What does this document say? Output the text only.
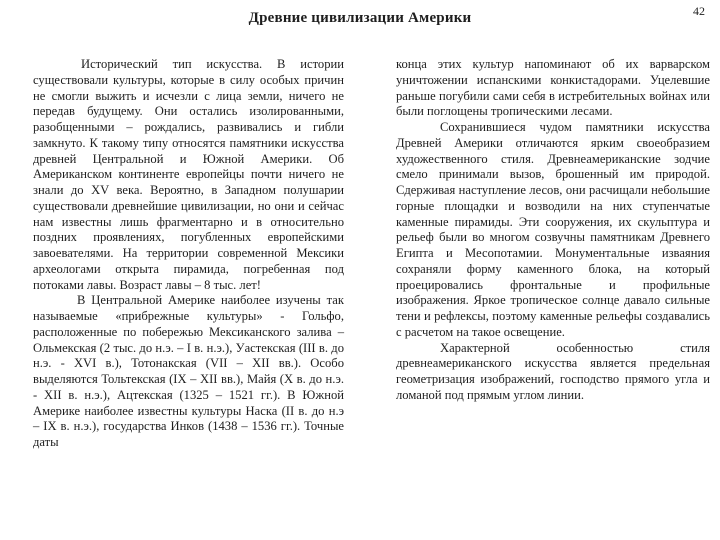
Древние цивилизации Америки	42

Исторический тип искусства. В истории существовали культуры, которые в силу особых причин не смогли выжить и исчезли с лица земли, ничего не передав будущему. Они остались изолированными, разобщенными – рождались, развивались и гибли замкнуто. К такому типу относятся памятники искусства древней Центральной и Южной Америки. Об Американском континенте европейцы почти ничего не знали до XV века. Вероятно, в Западном полушарии существовали древнейшие цивилизации, но они и сейчас нам известны лишь фрагментарно и в относительно поздних проявлениях, погубленных европейскими завоевателями. На территории современной Мексики археологами открыта пирамида, погребенная под потоками лавы. Возраст лавы – 8 тыс. лет!

В Центральной Америке наиболее изучены так называемые «прибрежные культуры» - Гольфо, расположенные по побережью Мексиканского залива – Ольмекская (2 тыс. до н.э. – I в. н.э.), Уастекская (III в. до н.э. - XVI в.), Тотонакская (VII – XII вв.). Особо выделяются Тольтекская (IX – XII вв.), Майя (X в. до н.э. - XII в. н.э.), Ацтекская (1325 – 1521 гг.). В Южной Америке наиболее известны культуры Наска (II в. до н.э – IX в. н.э.), государства Инков (1438 – 1536 гг.). Точные даты

конца этих культур напоминают об их варварском уничтожении испанскими конкистадорами. Уцелевшие раньше погубили сами себя в истребительных войнах или были поглощены тропическими лесами.

Сохранившиеся чудом памятники искусства Древней Америки отличаются ярким своеобразием художественного стиля. Древнеамериканские зодчие смело принимали вызов, брошенный им природой. Сдерживая наступление лесов, они расчищали небольшие горные площадки и возводили на них ступенчатые каменные пирамиды. Эти сооружения, их скульптура и рельеф были во многом созвучны памятникам Древнего Египта и Месопотамии. Монументальные изваяния сохраняли форму каменного блока, на который проецировались фронтальные и профильные изображения. Яркое тропическое солнце давало сильные тени и рефлексы, поэтому каменные рельефы создавались с расчетом на такое освещение.

Характерной особенностью стиля древнеамериканского искусства является предельная геометризация изображений, господство прямого угла и ломаной под прямым углом линии.
